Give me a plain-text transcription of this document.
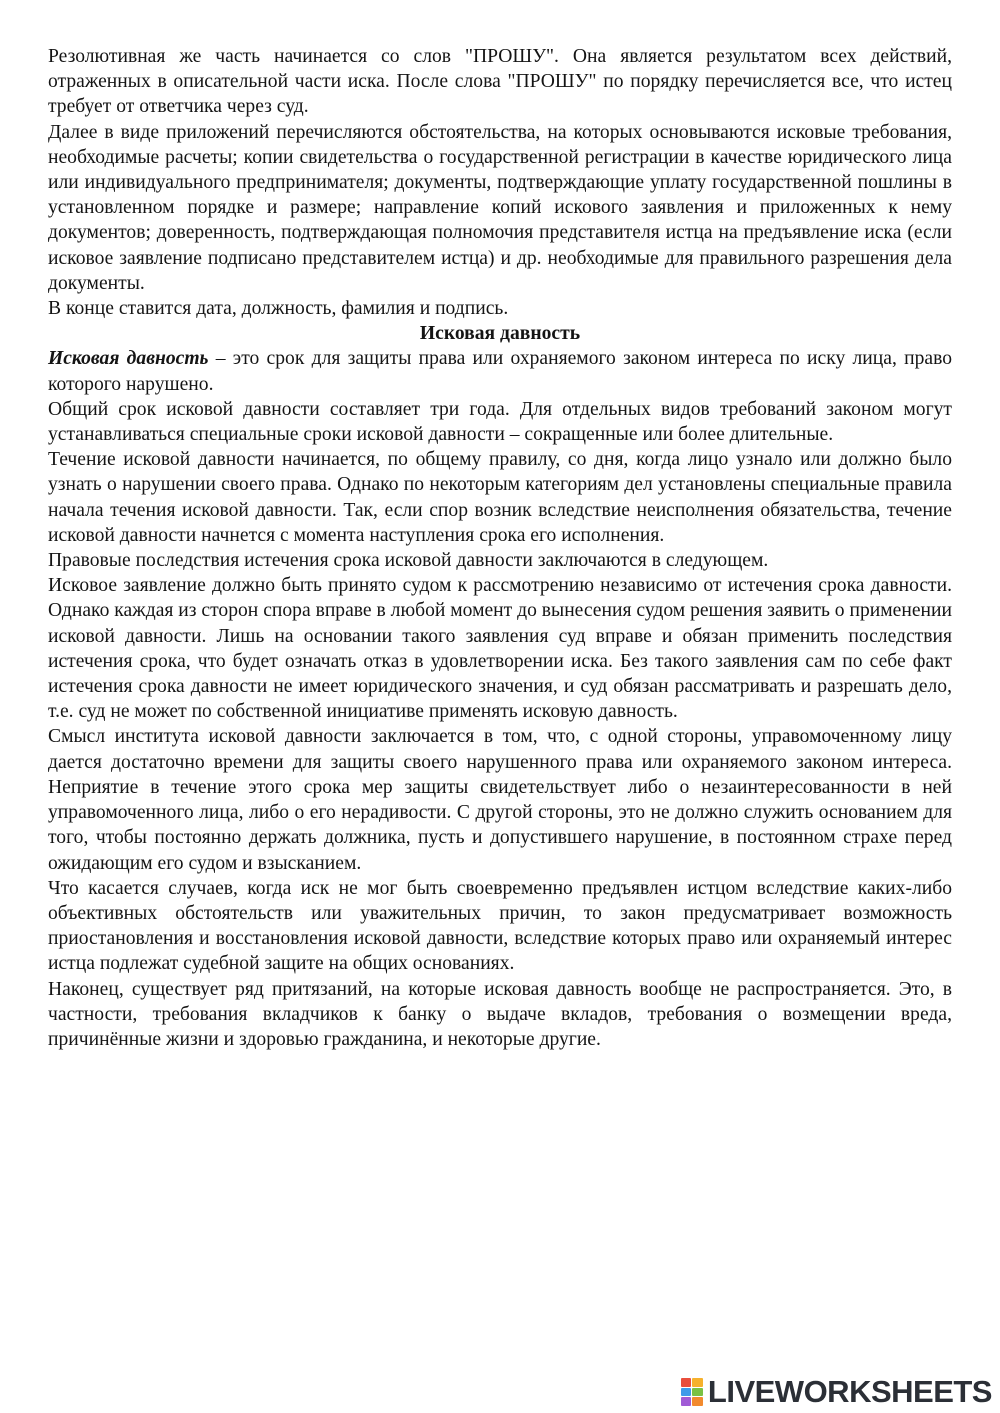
Резолютивная же часть начинается со слов "ПРОШУ". Она является результатом всех действий, отраженных в описательной части иска. После слова "ПРОШУ" по порядку перечисляется все, что истец требует от ответчика через суд.

Далее в виде приложений перечисляются обстоятельства, на которых основываются исковые требования, необходимые расчеты; копии свидетельства о государственной регистрации в качестве юридического лица или индивидуального предпринимателя; документы, подтверждающие уплату государственной пошлины в установленном порядке и размере; направление копий искового заявления и приложенных к нему документов; доверенность, подтверждающая полномочия представителя истца на предъявление иска (если исковое заявление подписано представителем истца) и др. необходимые для правильного разрешения дела документы.

В конце ставится дата, должность, фамилия и подпись.

Исковая давность

Исковая давность – это срок для защиты права или охраняемого законом интереса по иску лица, право которого нарушено.

Общий срок исковой давности составляет три года. Для отдельных видов требований законом могут устанавливаться специальные сроки исковой давности – сокращенные или более длительные.

Течение исковой давности начинается, по общему правилу, со дня, когда лицо узнало или должно было узнать о нарушении своего права. Однако по некоторым категориям дел установлены специальные правила начала течения исковой давности. Так, если спор возник вследствие неисполнения обязательства, течение исковой давности начнется с момента наступления срока его исполнения.

Правовые последствия истечения срока исковой давности заключаются в следующем.

Исковое заявление должно быть принято судом к рассмотрению независимо от истечения срока давности. Однако каждая из сторон спора вправе в любой момент до вынесения судом решения заявить о применении исковой давности. Лишь на основании такого заявления суд вправе и обязан применить последствия истечения срока, что будет означать отказ в удовлетворении иска. Без такого заявления сам по себе факт истечения срока давности не имеет юридического значения, и суд обязан рассматривать и разрешать дело, т.е. суд не может по собственной инициативе применять исковую давность.

Смысл института исковой давности заключается в том, что, с одной стороны, управомоченному лицу дается достаточно времени для защиты своего нарушенного права или охраняемого законом интереса. Неприятие в течение этого срока мер защиты свидетельствует либо о незаинтересованности в ней управомоченного лица, либо о его нерадивости. С другой стороны, это не должно служить основанием для того, чтобы постоянно держать должника, пусть и допустившего нарушение, в постоянном страхе перед ожидающим его судом и взысканием.

Что касается случаев, когда иск не мог быть своевременно предъявлен истцом вследствие каких-либо объективных обстоятельств или уважительных причин, то закон предусматривает возможность приостановления и восстановления исковой давности, вследствие которых право или охраняемый интерес истца подлежат судебной защите на общих основаниях.

Наконец, существует ряд притязаний, на которые исковая давность вообще не распространяется. Это, в частности, требования вкладчиков к банку о выдаче вкладов, требования о возмещении вреда, причинённые жизни и здоровью гражданина, и некоторые другие.

LIVEWORKSHEETS
